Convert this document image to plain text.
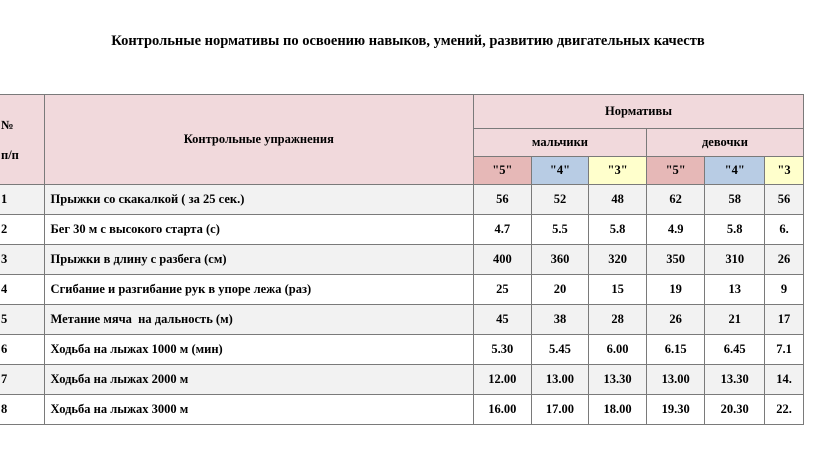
Контрольные нормативы по освоению навыков, умений, развитию двигательных качеств
№
п/п	Контрольные упражнения	Нормативы					
		мальчики			девочки		
		"5"	"4"	"3"	"5"	"4"	"3
1	Прыжки со скакалкой ( за 25 сек.)	56	52	48	62	58	56
2	Бег 30 м с высокого старта (с)	4.7	5.5	5.8	4.9	5.8	6.
3	Прыжки в длину с разбега (см)	400	360	320	350	310	26
4	Сгибание и разгибание рук в упоре лежа (раз)	25	20	15	19	13	9
5	Метание мяча  на дальность (м)	45	38	28	26	21	17
6	Ходьба на лыжах 1000 м (мин)	5.30	5.45	6.00	6.15	6.45	7.1
7	Ходьба на лыжах 2000 м	12.00	13.00	13.30	13.00	13.30	14.
8	Ходьба на лыжах 3000 м	16.00	17.00	18.00	19.30	20.30	22.
